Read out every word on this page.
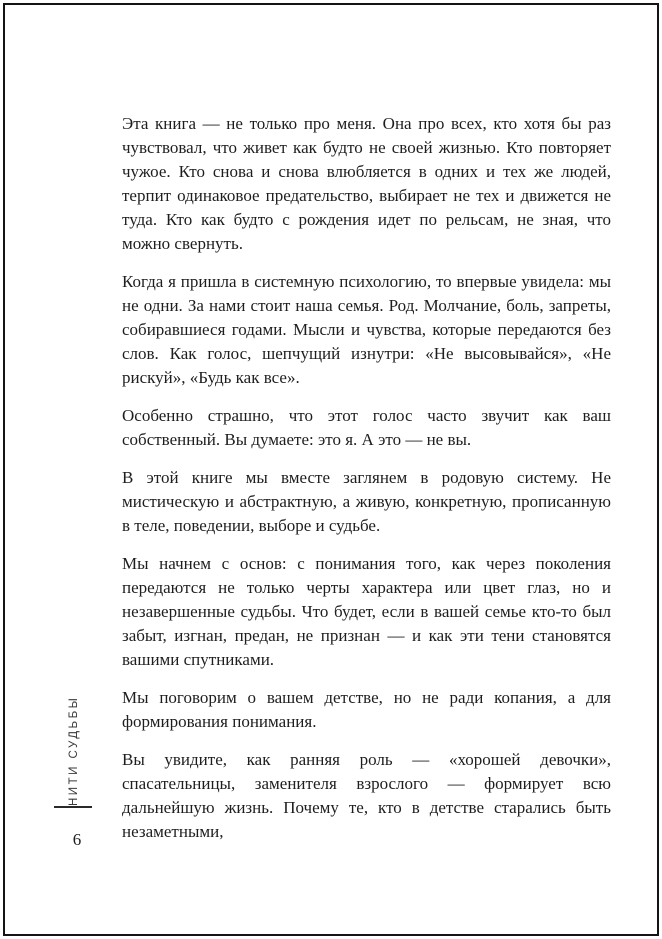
Эта книга — не только про меня. Она про всех, кто хотя бы раз чувствовал, что живет как будто не своей жизнью. Кто повторяет чужое. Кто снова и снова влюбляется в одних и тех же людей, терпит одинаковое предательство, выбирает не тех и движется не туда. Кто как будто с рождения идет по рельсам, не зная, что можно свернуть.

Когда я пришла в системную психологию, то впервые увидела: мы не одни. За нами стоит наша семья. Род. Молчание, боль, запреты, собиравшиеся годами. Мысли и чувства, которые передаются без слов. Как голос, шепчущий изнутри: «Не высовывайся», «Не рискуй», «Будь как все».

Особенно страшно, что этот голос часто звучит как ваш собственный. Вы думаете: это я. А это — не вы.

В этой книге мы вместе заглянем в родовую систему. Не мистическую и абстрактную, а живую, конкретную, прописанную в теле, поведении, выборе и судьбе.

Мы начнем с основ: с понимания того, как через поколения передаются не только черты характера или цвет глаз, но и незавершенные судьбы. Что будет, если в вашей семье кто-то был забыт, изгнан, предан, не признан — и как эти тени становятся вашими спутниками.

Мы поговорим о вашем детстве, но не ради копания, а для формирования понимания.

Вы увидите, как ранняя роль — «хорошей девочки», спасательницы, заменителя взрослого — формирует всю дальнейшую жизнь. Почему те, кто в детстве старались быть незаметными,

НИТИ СУДЬБЫ
6
